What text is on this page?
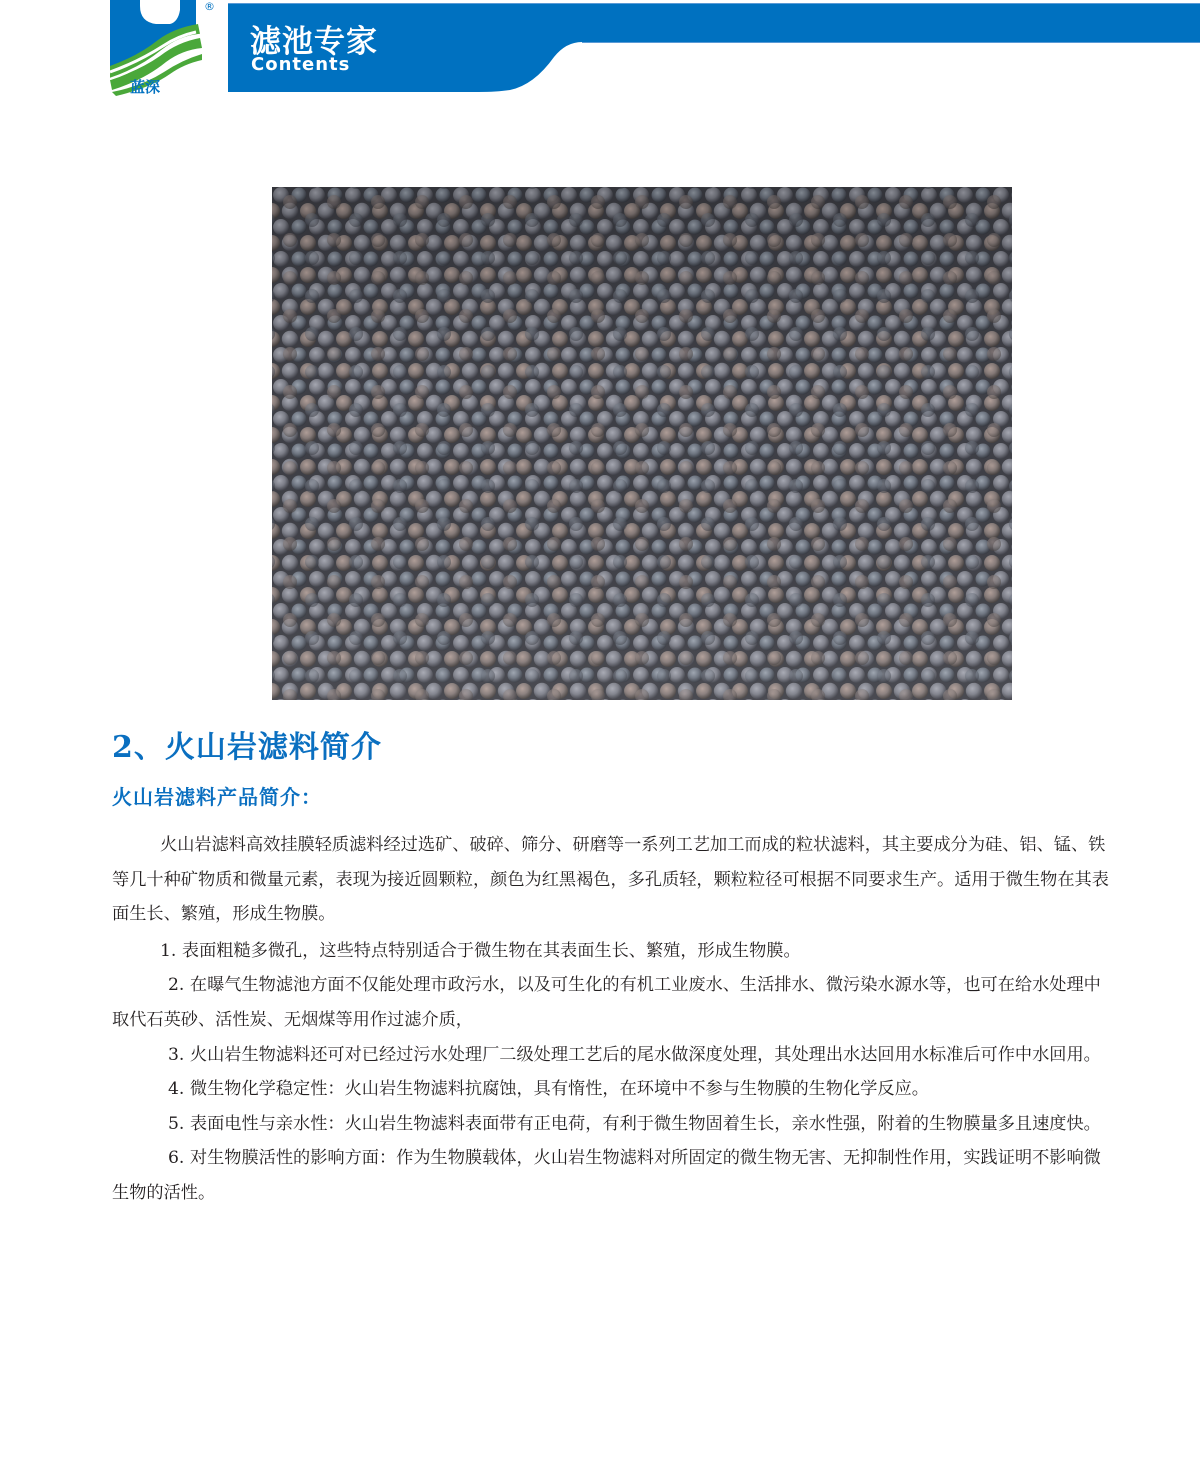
®
蓝深
滤池专家
Contents
2、火山岩滤料简介
火山岩滤料产品简介：

火山岩滤料高效挂膜轻质滤料经过选矿、破碎、筛分、研磨等一系列工艺加工而成的粒状滤料，其主要成分为硅、铝、锰、铁等几十种矿物质和微量元素，表现为接近圆颗粒，颜色为红黑褐色，多孔质轻，颗粒粒径可根据不同要求生产。适用于微生物在其表面生长、繁殖，形成生物膜。

1. 表面粗糙多微孔，这些特点特别适合于微生物在其表面生长、繁殖，形成生物膜。

2. 在曝气生物滤池方面不仅能处理市政污水，以及可生化的有机工业废水、生活排水、微污染水源水等，也可在给水处理中取代石英砂、活性炭、无烟煤等用作过滤介质，

3. 火山岩生物滤料还可对已经过污水处理厂二级处理工艺后的尾水做深度处理，其处理出水达回用水标准后可作中水回用。

4. 微生物化学稳定性：火山岩生物滤料抗腐蚀，具有惰性，在环境中不参与生物膜的生物化学反应。

5. 表面电性与亲水性：火山岩生物滤料表面带有正电荷，有利于微生物固着生长，亲水性强，附着的生物膜量多且速度快。

6. 对生物膜活性的影响方面：作为生物膜载体，火山岩生物滤料对所固定的微生物无害、无抑制性作用，实践证明不影响微生物的活性。
